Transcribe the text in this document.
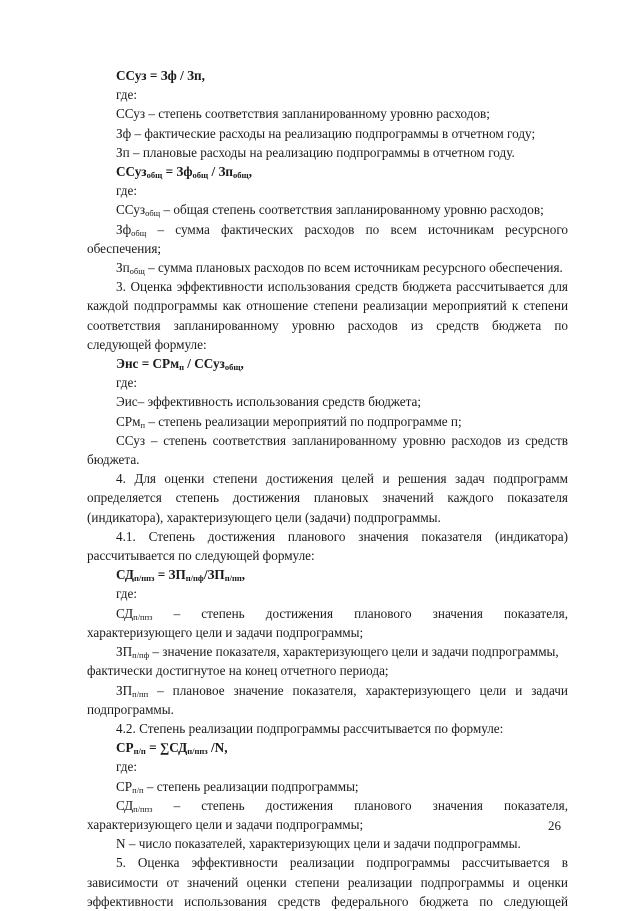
ССуз = Зф / Зп,
где:
ССуз – степень соответствия запланированному уровню расходов;
Зф – фактические расходы на реализацию подпрограммы в отчетном году;
Зп – плановые расходы на реализацию подпрограммы в отчетном году.
ССуз$_{общ}$ = $Зф_{общ} / Зп_{общ}$,
где:
ССуз$_{общ}$ – общая степень соответствия запланированному уровню расходов;
$Зф_{общ}$ – сумма фактических расходов по всем источникам ресурсного
обеспечения;
$Зп_{общ}$ – сумма плановых расходов по всем источникам ресурсного обеспечения.
3. Оценка эффективности использования средств бюджета рассчитывается для
каждой подпрограммы как отношение степени реализации мероприятий к степени
соответствия запланированному уровню расходов из средств бюджета по
следующей формуле:
Энс = СРм$_п$ / ССуз$_{общ}$,
где:
Эис– эффективность использования средств бюджета;
СРм$_п$ – степень реализации мероприятий по подпрограмме п;
ССуз – степень соответствия запланированному уровню расходов из средств
бюджета.
4. Для оценки степени достижения целей и решения задач подпрограмм
определяется степень достижения плановых значений каждого показателя
(индикатора), характеризующего цели (задачи) подпрограммы.
4.1. Степень достижения планового значения показателя (индикатора)
рассчитывается по следующей формуле:
$СД_{п/ппз} = ЗП_{п/пф}/ЗП_{п/пп}$,
где:
$СД_{п/ппз}$ – степень достижения планового значения показателя,
характеризующего цели и задачи подпрограммы;
$ЗП_{п/пф}$ – значение показателя, характеризующего цели и задачи подпрограммы,
фактически достигнутое на конец отчетного периода;
$ЗП_{п/пп}$ – плановое значение показателя, характеризующего цели и задачи
подпрограммы.
4.2. Степень реализации подпрограммы рассчитывается по формуле:
$СР_{п/п} = \sum СД_{п/ппз}$ /N,
где:
$СР_{п/п}$ – степень реализации подпрограммы;
$СД_{п/ппз}$ – степень достижения планового значения показателя,
характеризующего цели и задачи подпрограммы;
N – число показателей, характеризующих цели и задачи подпрограммы.
5. Оценка эффективности реализации подпрограммы рассчитывается в
зависимости от значений оценки степени реализации подпрограммы и оценки
эффективности использования средств федерального бюджета по следующей
26
